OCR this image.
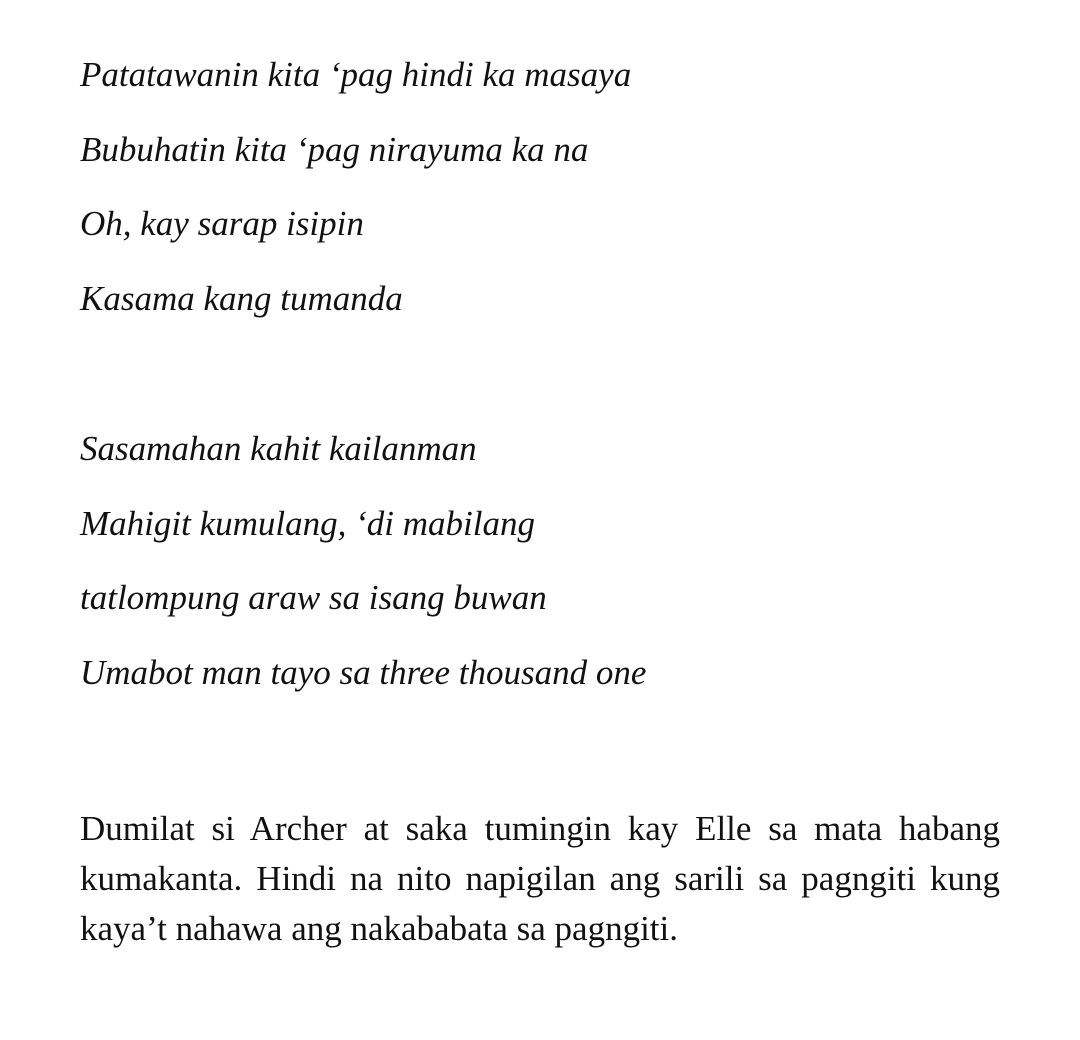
Patatawanin kita ‘pag hindi ka masaya

Bubuhatin kita ‘pag nirayuma ka na

Oh, kay sarap isipin

Kasama kang tumanda

Sasamahan kahit kailanman

Mahigit kumulang, ‘di mabilang

tatlompung araw sa isang buwan

Umabot man tayo sa three thousand one

Dumilat si Archer at saka tumingin kay Elle sa mata habang kumakanta. Hindi na nito napigilan ang sarili sa pagngiti kung kaya’t nahawa ang nakababata sa pagngiti.
